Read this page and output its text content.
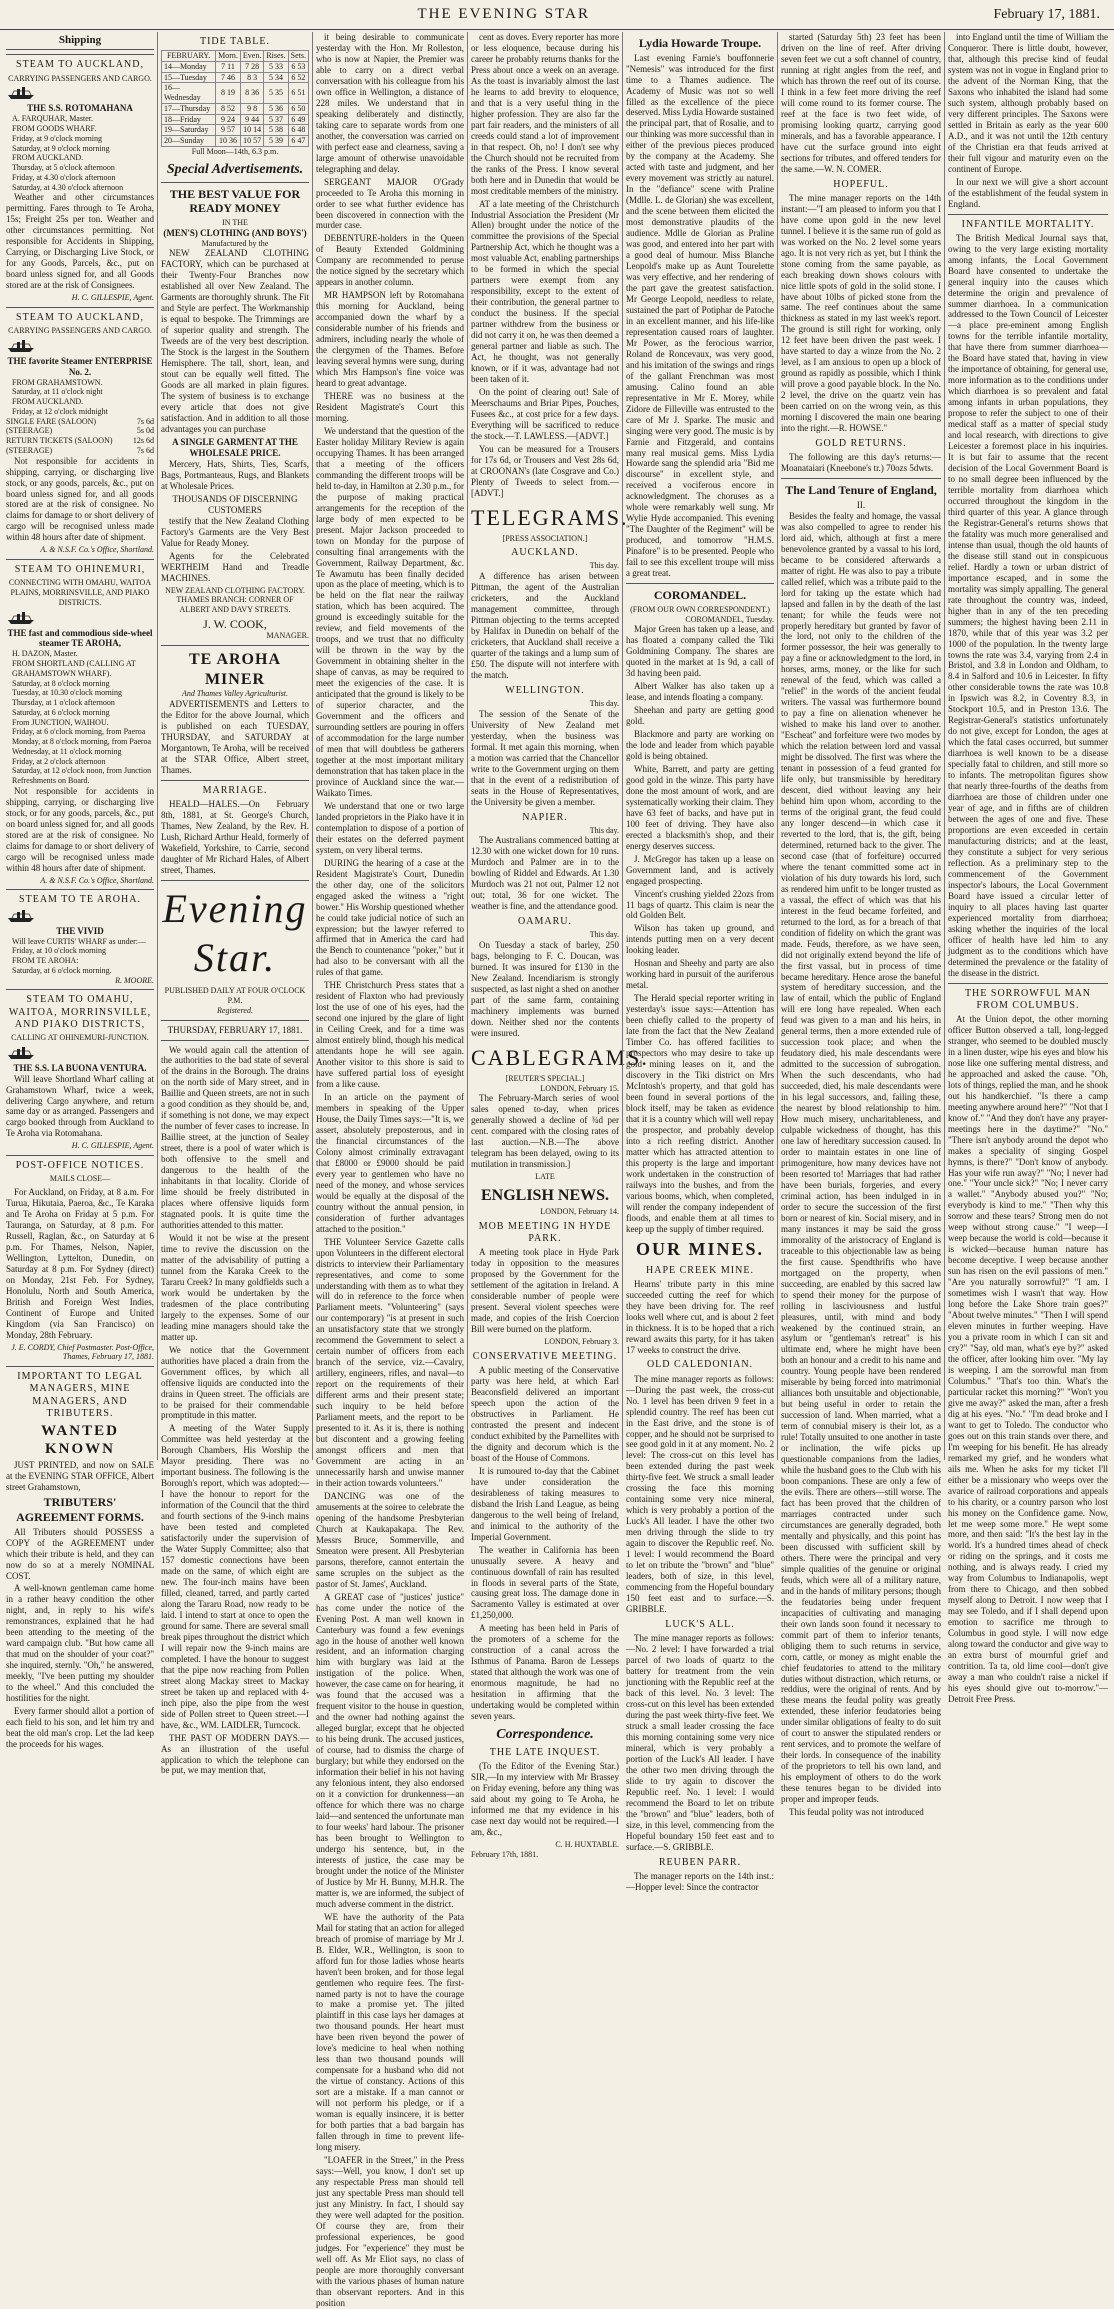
THE EVENING STAR	February 17, 1881.
Shipping
STEAM TO AUCKLAND,
CARRYING PASSENGERS AND CARGO.
THE S.S. ROTOMAHANA
A. FARQUHAR, Master.
FROM GOODS WHARF.
Friday, at 9 o'clock morning
Saturday, at 9 o'clock morning
FROM AUCKLAND.
Thursday, at 5 o'clock afternoon
Friday, at 4.30 o'clock afternoon
Saturday, at 4.30 o'clock afternoon

Weather and other circumstances permitting. Fares through to Te Aroha, 15s; Freight 25s per ton. Weather and other circumstances permitting. Not responsible for Accidents in Shipping, Carrying, or Discharging Live Stock, or for any Goods, Parcels, &c., put on board unless signed for, and all Goods stored are at the risk of Consignees.

H. C. GILLESPIE, Agent.
STEAM TO AUCKLAND,
CARRYING PASSENGERS AND CARGO.
THE favorite Steamer ENTERPRISE No. 2.
FROM GRAHAMSTOWN.
Saturday, at 11 o'clock night
FROM AUCKLAND.
Friday, at 12 o'clock midnight
SINGLE FARE (SALOON)	7s 6d
(STEERAGE)	5s 0d
RETURN TICKETS (SALOON)	12s 6d
(STEERAGE)	7s 6d

Not responsible for accidents in shipping, carrying, or discharging live stock, or any goods, parcels, &c., put on board unless signed for, and all goods stored are at the risk of consignee. No claims for damage to or short delivery of cargo will be recognised unless made within 48 hours after date of shipment.

A. & N.S.F. Co.'s Office, Shortland.
STEAM TO OHINEMURI,
CONNECTING WITH OMAHU, WAITOA PLAINS, MORRINSVILLE, AND PIAKO DISTRICTS.
THE fast and commodious side-wheel steamer TE AROHA,
H. DAZON, Master.
FROM SHORTLAND (CALLING AT GRAHAMSTOWN WHARF).
Saturday, at 8 o'clock morning
Tuesday, at 10.30 o'clock morning
Thursday, at 1 o'clock afternoon
Saturday, at 6 o'clock morning
From JUNCTION, WAIHOU.
Friday, at 6 o'clock morning, from Paeroa
Monday, at 8 o'clock morning, from Paeroa
Wednesday, at 11 o'clock morning
Friday, at 2 o'clock afternoon
Saturday, at 12 o'clock noon, from Junction
Refreshments on Board.

Not responsible for accidents in shipping, carrying, or discharging live stock, or for any goods, parcels, &c., put on board unless signed for, and all goods stored are at the risk of consignee. No claims for damage to or short delivery of cargo will be recognised unless made within 48 hours after date of shipment.

A. & N.S.F. Co.'s Office, Shortland.
STEAM TO TE AROHA.
THE VIVID
Will leave CURTIS' WHARF as under:—
Friday, at 10 o'clock morning
FROM TE AROHA:
Saturday, at 6 o'clock morning.
R. MOORE.
STEAM TO OMAHU, WAITOA, MORRINSVILLE, AND PIAKO DISTRICTS,
CALLING AT OHINEMURI-JUNCTION.
THE S.S. LA BUONA VENTURA.

Will leave Shortland Wharf calling at Grahamstown Wharf, twice a week, delivering Cargo anywhere, and return same day or as arranged. Passengers and cargo booked through from Auckland to Te Aroha via Rotomahana.

H. C. GILLESPIE, Agent.
POST-OFFICE NOTICES.
MAILS CLOSE—

For Auckland, on Friday, at 8 a.m. For Turua, Hikutaia, Paeroa, &c., Te Karaka and Te Aroha on Friday at 5 p.m. For Tauranga, on Saturday, at 8 p.m. For Russell, Raglan, &c., on Saturday at 6 p.m. For Thames, Nelson, Napier, Wellington, Lyttelton, Dunedin, on Saturday at 8 p.m. For Sydney (direct) on Monday, 21st Feb. For Sydney, Honolulu, North and South America, British and Foreign West Indies, Continent of Europe and United Kingdom (via San Francisco) on Monday, 28th February.

J. E. CORDY, Chief Postmaster. Post-Office, Thames, February 17, 1881.
IMPORTANT TO LEGAL MANAGERS, MINE MANAGERS, AND TRIBUTERS.
WANTED KNOWN

JUST PRINTED, and now on SALE at the EVENING STAR OFFICE, Albert street Grahamstown,

TRIBUTERS' AGREEMENT FORMS.

All Tributers should POSSESS a COPY of the AGREEMENT under which their tribute is held, and they can now do so at a merely NOMINAL COST.

A well-known gentleman came home in a rather heavy condition the other night, and, in reply to his wife's remonstrances, explained that he had been attending to the meeting of the ward campaign club. "But how came all that mud on the shoulder of your coat?" she inquired, sternly. "Oh," he answered, meekly, "I've been putting my shoulder to the wheel." And this concluded the hostilities for the night.

Every farmer should allot a portion of each field to his son, and let him try and beat the old man's crop. Let the lad keep the proceeds for his wages.

TIDE TABLE.
FEBRUARY.	Morn.	Even.	Rises.	Sets.
14—Monday	7 11	7 28	5 33	6 53
15—Tuesday	7 46	8 3	5 34	6 52
16—Wednesday	8 19	8 36	5 35	6 51
17—Thursday	8 52	9 8	5 36	6 50
18—Friday	9 24	9 44	5 37	6 49
19—Saturday	9 57	10 14	5 38	6 48
20—Sunday	10 36	10 57	5 39	6 47
Full Moon—14th, 6.3 p.m.
Special Advertisements.
THE BEST VALUE FOR READY MONEY
IN THE
(MEN'S) CLOTHING (AND BOYS')
Manufactured by the

NEW ZEALAND CLOTHING FACTORY, which can be purchased at their Twenty-Four Branches now established all over New Zealand. The Garments are thoroughly shrunk. The Fit and Style are perfect. The Workmanship is equal to bespoke. The Trimmings are of superior quality and strength. The Tweeds are of the very best description. The Stock is the largest in the Southern Hemisphere. The tall, short, lean, and stout can be equally well fitted. The Goods are all marked in plain figures. The system of business is to exchange every article that does not give satisfaction. And in addition to all those advantages you can purchase

A SINGLE GARMENT AT THE WHOLESALE PRICE.

Mercery, Hats, Shirts, Ties, Scarfs, Bags, Portmanteaus, Rugs, and Blankets at Wholesale Prices.

THOUSANDS OF DISCERNING CUSTOMERS

testify that the New Zealand Clothing Factory's Garments are the Very Best Value for Ready Money.

Agents for the Celebrated WERTHEIM Hand and Treadle MACHINES.

NEW ZEALAND CLOTHING FACTORY.
THAMES BRANCH: CORNER OF ALBERT AND DAVY STREETS.
J. W. COOK,
MANAGER.
TE AROHA MINER
And Thames Valley Agriculturist.

ADVERTISEMENTS and Letters to the Editor for the above Journal, which is published on each TUESDAY, THURSDAY, and SATURDAY at Morgantown, Te Aroha, will be received at the STAR Office, Albert street, Thames.

MARRIAGE.

HEALD—HALES.—On February 8th, 1881, at St. George's Church, Thames, New Zealand, by the Rev. H. Lush, Richard Arthur Heald, formerly of Wakefield, Yorkshire, to Carrie, second daughter of Mr Richard Hales, of Albert street, Thames.

Evening Star.
PUBLISHED DAILY AT FOUR O'CLOCK P.M.
Registered.
THURSDAY, FEBRUARY 17, 1881.

We would again call the attention of the authorities to the bad state of several of the drains in the Borough. The drains on the north side of Mary street, and in Baillie and Queen streets, are not in such a good condition as they should be, and, if something is not done, we may expect the number of fever cases to increase. In Baillie street, at the junction of Sealey street, there is a pool of water which is both offensive to the smell and dangerous to the health of the inhabitants in that locality. Cloride of lime should be freely distributed in places where offensive liquids form stagnated pools. It is quite time the authorities attended to this matter.

Would it not be wise at the present time to revive the discussion on the matter of the advisability of putting a tunnel from the Karaka Creek to the Tararu Creek? In many goldfields such a work would be undertaken by the tradesmen of the place contributing largely to the expenses. Some of our leading mine managers should take the matter up.

We notice that the Government authorities have placed a drain from the Government offices, by which all offensive liquids are conducted into the drains in Queen street. The officials are to be praised for their commendable promptitude in this matter.

A meeting of the Water Supply Committee was held yesterday at the Borough Chambers, His Worship the Mayor presiding. There was no important business. The following is the Borough's report, which was adopted:— I have the honour to report for the information of the Council that the third and fourth sections of the 9-inch mains have been tested and completed satisfactorily under the supervision of the Water Supply Committee; also that 157 domestic connections have been made on the same, of which eight are new. The four-inch mains have been filled, cleaned, tarred, and partly carted along the Tararu Road, now ready to be laid. I intend to start at once to open the ground for same. There are several small break pipes throughout the district which I will repair now the 9-inch mains are completed. I have the honour to suggest that the pipe now reaching from Pollen street along Mackay street to Mackay street be taken up and replaced with 4-inch pipe, also the pipe from the west side of Pollen street to Queen street.—I have, &c., WM. LAIDLER, Turncock.

THE PAST OF MODERN DAYS.—As an illustration of the useful application to which the telephone can be put, we may mention that,

it being desirable to communicate yesterday with the Hon. Mr Rolleston, who is now at Napier, the Premier was able to carry on a direct verbal conversation with his colleague from his own office in Wellington, a distance of 228 miles. We understand that in speaking deliberately and distinctly, taking care to separate words from one another, the conversation was carried on with perfect ease and clearness, saving a large amount of otherwise unavoidable telegraphing and delay.

SERGEANT MAJOR O'Grady proceeded to Te Aroha this morning in order to see what further evidence has been discovered in connection with the murder case.

DEBENTURE-holders in the Queen of Beauty Extended Goldmining Company are recommended to peruse the notice signed by the secretary which appears in another column.

MR HAMPSON left by Rotomahana this morning for Auckland, being accompanied down the wharf by a considerable number of his friends and admirers, including nearly the whole of the clergymen of the Thames. Before leaving several hymns were sung, during which Mrs Hampson's fine voice was heard to great advantage.

THERE was no business at the Resident Magistrate's Court this morning.

We understand that the question of the Easter holiday Military Review is again occupying Thames. It has been arranged that a meeting of the officers commanding the different troops will be held to-day, in Hamilton at 2.30 p.m., for the purpose of making practical arrangements for the reception of the large body of men expected to be present. Major Jackson proceeded to town on Monday for the purpose of consulting final arrangements with the Government, Railway Department, &c. Te Awamutu has been finally decided upon as the place of meeting, which is to be held on the flat near the railway station, which has been acquired. The ground is exceedingly suitable for the review, and field movements of the troops, and we trust that no difficulty will be thrown in the way by the Government in obtaining shelter in the shape of canvas, as may be required to meet the exigencies of the case. It is anticipated that the ground is likely to be of superior character, and the Government and the officers and surrounding settlers are pouring in offers of accommodation for the large number of men that will doubtless be gatherers together at the most important military demonstration that has taken place in the province of Auckland since the war.—Waikato Times.

We understand that one or two large landed proprietors in the Piako have it in contemplation to dispose of a portion of their estates on the deferred payment system, on very liberal terms.

DURING the hearing of a case at the Resident Magistrate's Court, Dunedin the other day, one of the solicitors engaged asked the witness a "right bower." His Worship questioned whether he could take judicial notice of such an expression; but the lawyer referred to affirmed that in America the card had the Bench to countenance "poker," but it had also to be conversant with all the rules of that game.

THE Christchurch Press states that a resident of Flaxton who had previously lost the use of one of his eyes, had the second one injured by the glare of light in Ceiling Creek, and for a time was almost entirely blind, though his medical attendants hope he will see again. Another visitor to this shore is said to have suffered partial loss of eyesight from a like cause.

In an article on the payment of members in speaking of the Upper House, the Daily Times says:—"It is, we assert, absolutely preposterous, and in the financial circumstances of the Colony almost criminally extravagant that £8000 or £9000 should be paid every year to gentlemen who have no need of the money, and whose services would be equally at the disposal of the country without the annual pension, in consideration of further advantages attached to the position."

THE Volunteer Service Gazette calls upon Volunteers in the different electoral districts to interview their Parliamentary representatives, and come to some understanding with them as to what they will do in reference to the force when Parliament meets. "Volunteering" (says our contemporary) "is at present in such an unsatisfactory state that we strongly recommend the Government to select a certain number of officers from each branch of the service, viz.—Cavalry, artillery, engineers, rifles, and naval—to report on the requirements of their different arms and their present state; such inquiry to be held before Parliament meets, and the report to be presented to it. As it is, there is nothing but discontent and a growing feeling amongst officers and men that Government are acting in an unnecessarily harsh and unwise manner in their action towards volunteers."

DANCING was one of the amusements at the soiree to celebrate the opening of the handsome Presbyterian Church at Kaukapakapa. The Rev. Messrs Bruce, Sommerville, and Smeaton were present. All Presbyterian parsons, therefore, cannot entertain the same scruples on the subject as the pastor of St. James', Auckland.

A GREAT case of "justices' justice" has come under the notice of the Evening Post. A man well known in Canterbury was found a few evenings ago in the house of another well known resident, and an information charging him with burglary was laid at the instigation of the police. When, however, the case came on for hearing, it was found that the accused was a frequent visitor to the house in question, and the owner had nothing against the alleged burglar, except that he objected to his being drunk. The accused justices, of course, had to dismiss the charge of burglary; but while they endorsed on the information their belief in his not having any felonious intent, they also endorsed on it a conviction for drunkenness—an offence for which there was no charge laid—and sentenced the unfortunate man to four weeks' hard labour. The prisoner has been brought to Wellington to undergo his sentence, but, in the interests of justice, the case may be brought under the notice of the Minister of Justice by Mr H. Bunny, M.H.R. The matter is, we are informed, the subject of much adverse comment in the district.

WE have the authority of the Pata Mail for stating that an action for alleged breach of promise of marriage by Mr J. B. Elder, W.R., Wellington, is soon to afford fun for those ladies whose hearts haven't been broken, and for those legal gentlemen who require fees. The first-named party is not to have the courage to make a promise yet. The jilted plaintiff in this case lays her damages at two thousand pounds. Her heart must have been riven beyond the power of love's medicine to heal when nothing less than two thousand pounds will compensate for a husband who did not the virtue of constancy. Actions of this sort are a mistake. If a man cannot or will not perform his pledge, or if a woman is equally insincere, it is better for both parties that a bad bargain has fallen through in time to prevent life-long misery.

"LOAFER in the Street," in the Press says:—Well, you know, I don't set up any respectable Press man should tell just any spectable Press man should tell just any Ministry. In fact, I should say they were well adapted for the position. Of course they are, from their professional experiences, be good judges. For "experience" they must be well off. As Mr Eliot says, no class of people are more thoroughly conversant with the various phases of human nature than observant reporters. And in this position

cent as doves. Every reporter has more or less eloquence, because during his career he probably returns thanks for the Press about once a week on an average. As the toast is invariably almost the last he learns to add brevity to eloquence, and that is a very useful thing in the higher profession. They are also far the part fair readers, and the ministers of all creeds could stand a lot of improvement in that respect. Oh, no! I don't see why the Church should not be recruited from the ranks of the Press. I know several both here and in Dunedin that would be most creditable members of the ministry.

AT a late meeting of the Christchurch Industrial Association the President (Mr Allen) brought under the notice of the committee the provisions of the Special Partnership Act, which he thought was a most valuable Act, enabling partnerships to be formed in which the special partners were exempt from any responsibility, except to the extent of their contribution, the general partner to conduct the business. If the special partner withdrew from the business or did not carry it on, he was then deemed a general partner and liable as such. The Act, he thought, was not generally known, or if it was, advantage had not been taken of it.

On the point of clearing out! Sale of Meerschaums and Briar Pipes, Pouches, Fusees &c., at cost price for a few days. Everything will be sacrificed to reduce the stock.—T. LAWLESS.—[ADVT.]

You can be measured for a Trousers for 17s 6d, or Trousers and Vest 28s 6d, at CROONAN's (late Cosgrave and Co.) Plenty of Tweeds to select from.—[ADVT.]

TELEGRAMS.
[PRESS ASSOCIATION.]
AUCKLAND.
This day.

A difference has arisen between Pittman, the agent of the Australian cricketers, and the Auckland management committee, through Pittman objecting to the terms accepted by Halifax in Dunedin on behalf of the cricketers, that Auckland shall receive a quarter of the takings and a lump sum of £50. The dispute will not interfere with the match.

WELLINGTON.
This day.

The session of the Senate of the University of New Zealand met yesterday, when the business was formal. It met again this morning, when a motion was carried that the Chancellor write to the Government urging on them that in the event of a redistribution of seats in the House of Representatives, the University be given a member.

NAPIER.
This day.

The Australians commenced batting at 12.30 with one wicket down for 10 runs. Murdoch and Palmer are in to the bowling of Riddel and Edwards. At 1.30 Murdoch was 21 not out, Palmer 12 not out; total, 36 for one wicket. The weather is fine, and the attendance good.

OAMARU.
This day.

On Tuesday a stack of barley, 250 bags, belonging to F. C. Doucan, was burned. It was insured for £130 in the New Zealand. Incendiarism is strongly suspected, as last night a shed on another part of the same farm, containing machinery implements was burned down. Neither shed nor the contents were insured.

CABLEGRAMS.
[REUTER'S SPECIAL.]
LONDON, February 15.

The February-March series of wool sales opened to-day, when prices generally showed a decline of ¾d per cent. compared with the closing rates of last auction.—N.B.—The above telegram has been delayed, owing to its mutilation in transmission.]

LATE
ENGLISH NEWS.
LONDON, February 14.
MOB MEETING IN HYDE PARK.

A meeting took place in Hyde Park today in opposition to the measures proposed by the Government for the settlement of the agitation in Ireland. A considerable number of people were present. Several violent speeches were made, and copies of the Irish Coercion Bill were burned on the platform.

LONDON, February 3.
CONSERVATIVE MEETING.

A public meeting of the Conservative party was here held, at which Earl Beaconsfield delivered an important speech upon the action of the obstructives in Parliament. He contrasted the present and indecent conduct exhibited by the Parnellites with the dignity and decorum which is the boast of the House of Commons.

It is rumoured to-day that the Cabinet have under consideration the desirableness of taking measures to disband the Irish Land League, as being dangerous to the well being of Ireland, and inimical to the authority of the Imperial Government.

The weather in California has been unusually severe. A heavy and continuous downfall of rain has resulted in floods in several parts of the State, causing great loss. The damage done in Sacramento Valley is estimated at over £1,250,000.

A meeting has been held in Paris of the promoters of a scheme for the construction of a canal across the Isthmus of Panama. Baron de Lesseps stated that although the work was one of enormous magnitude, he had no hesitation in affirming that the undertaking would be completed within seven years.

Correspondence.
THE LATE INQUEST.

(To the Editor of the Evening Star.) SIR,—In my interview with Mr Brassey on Friday evening, before any thing was said about my going to Te Aroha, he informed me that my evidence in his case next day would not be required.—I am, &c.,

C. H. HUXTABLE.
February 17th, 1881.
Lydia Howarde Troupe.

Last evening Farnie's bouffonnerie "Nemesis" was introduced for the first time to a Thames audience. The Academy of Music was not so well filled as the excellence of the piece deserved. Miss Lydia Howarde sustained the principal part, that of Rosalie, and to our thinking was more successful than in either of the previous pieces produced by the company at the Academy. She acted with taste and judgment, and her every movement was strictly au naturel. In the "defiance" scene with Praline (Mdlle. L. de Glorian) she was excellent, and the scene between them elicited the most demonstrative plaudits of the audience. Mdlle de Glorian as Praline was good, and entered into her part with a good deal of humour. Miss Blanche Leopold's make up as Aunt Tourelette was very effective, and her rendering of the part gave the greatest satisfaction. Mr George Leopold, needless to relate, sustained the part of Potiphar de Patoche in an excellent manner, and his life-like representation caused roars of laughter. Mr Power, as the ferocious warrior, Roland de Roncevaux, was very good, and his imitation of the swings and rings of the gallant Frenchman was most amusing. Calino found an able representative in Mr E. Morey, while Zidore de Filleville was entrusted to the care of Mr J. Sparke. The music and singing were very good. The music is by Farnie and Fitzgerald, and contains many real musical gems. Miss Lydia Howarde sang the splendid aria "Bid me discourse" in excellent style, and received a vociferous encore in acknowledgment. The choruses as a whole were remarkably well sung. Mr Wylie Hyde accompanied. This evening "The Daughter of the Regiment" will be produced, and tomorrow "H.M.S. Pinafore" is to be presented. People who fail to see this excellent troupe will miss a great treat.

COROMANDEL.
(FROM OUR OWN CORRESPONDENT.)
COROMANDEL, Tuesday.

Major Green has taken up a lease, and has floated a company called the Tiki Goldmining Company. The shares are quoted in the market at 1s 9d, a call of 3d having been paid.

Albert Walker has also taken up a lease, and intends floating a company.

Sheehan and party are getting good gold.

Blackmore and party are working on the lode and leader from which payable gold is being obtained.

White, Barrett, and party are getting good gold in the winze. This party have done the most amount of work, and are systematically working their claim. They have 63 feet of backs, and have put in 100 feet of driving. They have also erected a blacksmith's shop, and their energy deserves success.

J. McGregor has taken up a lease on Government land, and is actively engaged prospecting.

Vincent's crushing yielded 22ozs from 11 bags of quartz. This claim is near the old Golden Belt.

Wilson has taken up ground, and intends putting men on a very decent looking leader.

Hosnan and Sheehy and party are also working hard in pursuit of the auriferous metal.

The Herald special reporter writing in yesterday's issue says:—Attention has been chiefly called to the property of late from the fact that the New Zealand Timber Co. has offered facilities to prospectors who may desire to take up gold mining leases on it, and the discovery in the Tiki district on Mrs McIntosh's property, and that gold has been found in several portions of the block itself, may be taken as evidence that it is a country which will well repay the prospector, and probably develop into a rich reefing district. Another matter which has attracted attention to this property is the large and important work undertaken in the construction of railways into the bushes, and from the various booms, which, when completed, will render the company independent of floods, and enable them at all times to keep up the supply of timber required.

OUR MINES.
HAPE CREEK MINE.

Hearns' tribute party in this mine succeeded cutting the reef for which they have been driving for. The reef looks well where cut, and is about 2 feet in thickness. It is to be hoped that a rich reward awaits this party, for it has taken 17 weeks to construct the drive.

OLD CALEDONIAN.

The mine manager reports as follows:—During the past week, the cross-cut No. 1 level has been driven 9 feet in a splendid country. The reef has been cut in the East drive, and the stone is of copper, and he should not be surprised to see good gold in it at any moment. No. 2 level: The cross-cut on this level has been extended during the past week thirty-five feet. We struck a small leader crossing the face this morning containing some very nice mineral, which is very probably a portion of the Luck's All leader. I have the other two men driving through the slide to try again to discover the Republic reef. No. 1 level: I would recommend the Board to let on tribute the "brown" and "blue" leaders, both of size, in this level, commencing from the Hopeful boundary 150 feet east and to surface.—S. GRIBBLE.

LUCK'S ALL.

The mine manager reports as follows:—No. 2 level: I have forwarded a trial parcel of two loads of quartz to the battery for treatment from the vein junctioning with the Republic reef at the back of this level. No. 3 level: The cross-cut on this level has been extended during the past week thirty-five feet. We struck a small leader crossing the face this morning containing some very nice mineral, which is very probably a portion of the Luck's All leader. I have the other two men driving through the slide to try again to discover the Republic reef. No. 1 level: I would recommend the Board to let on tribute the "brown" and "blue" leaders, both of size, in this level, commencing from the Hopeful boundary 150 feet east and to surface.—S. GRIBBLE.

REUBEN PARR.

The manager reports on the 14th inst.:—Hopper level: Since the contractor

started (Saturday 5th) 23 feet has been driven on the line of reef. After driving seven feet we cut a soft channel of country, running at right angles from the reef, and which has thrown the reef out of its course. I think in a few feet more driving the reef will come round to its former course. The reef at the face is two feet wide, of promising looking quartz, carrying good minerals, and has a favorable appearance. I have cut the surface ground into eight sections for tributes, and offered tenders for the same.—W. N. COMER.

HOPEFUL.

The mine manager reports on the 14th instant:—"I am pleased to inform you that I have come upon gold in the new level tunnel. I believe it is the same run of gold as was worked on the No. 2 level some years ago. It is not very rich as yet, but I think the stone coming from the same payable, as each breaking down shows colours with nice little spots of gold in the solid stone. I have about 10lbs of picked stone from the same. The reef continues about the same thickness as stated in my last week's report. The ground is still right for working, only 12 feet have been driven the past week. I have started to day a winze from the No. 2 level, as I am anxious to open up a block of ground as rapidly as possible, which I think will prove a good payable block. In the No. 2 level, the drive on the quartz vein has been carried on on the wrong vein, as this morning I discovered the main one bearing into the right.—R. HOWSE."

GOLD RETURNS.

The following are this day's returns:—Moanataiari (Kneebone's tr.) 70ozs 5dwts.

The Land Tenure of England,
II.

Besides the fealty and homage, the vassal was also compelled to agree to render his lord aid, which, although at first a mere benevolence granted by a vassal to his lord, became to be considered afterwards a matter of right. He was also to pay a tribute called relief, which was a tribute paid to the lord for taking up the estate which had lapsed and fallen in by the death of the last tenant; for while the feuds were not properly hereditary but granted by favor of the lord, not only to the children of the former possessor, the heir was generally to pay a fine or acknowledgment to the lord, in horses, arms, money, or the like for such renewal of the feud, which was called a "relief" in the words of the ancient feudal writers. The vassal was furthermore bound to pay a fine on alienation whenever he wished to make his land over to another. "Escheat" and forfeiture were two modes by which the relation between lord and vassal might be dissolved. The first was where the tenant in possession of a feud granted for life only, but transmissible by hereditary descent, died without leaving any heir behind him upon whom, according to the terms of the original grant, the feud could any longer descend—in which case it reverted to the lord, that is, the gift, being determined, returned back to the giver. The second case (that of forfeiture) occurred where the tenant committed some act in violation of his duty towards his lord, such as rendered him unfit to be longer trusted as a vassal, the effect of which was that his interest in the feud became forfeited, and returned to the lord, as for a breach of that condition of fidelity on which the grant was made. Feuds, therefore, as we have seen, did not originally extend beyond the life of the first vassal, but in process of time became hereditary. Hence arose the baneful system of hereditary succession, and the law of entail, which the public of England will ere long have repealed. When each feud was given to a man and his heirs, in general terms, then a more extended rule of succession took place; and when the feudatory died, his male descendants were admitted to the succession of subrogation. When the such descendants, who had succeeded, died, his male descendants were in his legal successors, and, failing these, the nearest by blood relationship to him. How much misery, uncharitableness, and culpable wickedness of thought, has this one law of hereditary succession caused. In order to maintain estates in one line of primogeniture, how many devices have not been resorted to! Marriages that had rather have been burials, forgeries, and every criminal action, has been indulged in in order to secure the succession of the first born or nearest of kin. Social misery, and in many instances it may be said the gross immorality of the aristocracy of England is traceable to this objectionable law as being the first cause. Spendthrifts who have mortgaged on the property, when succeeding, are enabled by this sacred law to spend their money for the purpose of rolling in lasciviousness and lustful pleasures, until, with mind and body weakened by the continued strain, an asylum or "gentleman's retreat" is his ultimate end, where he might have been both an honour and a credit to his name and country. Young people have been rendered miserable by being forced into matrimonial alliances both unsuitable and objectionable, but being useful in order to retain the succession of land. When married, what a term of connubial misery is their lot, as a rule! Totally unsuited to one another in taste or inclination, the wife picks up questionable companions from the ladies, while the husband goes to the Club with his boon companions. These are only a few of the evils. There are others—still worse. The fact has been proved that the children of marriages contracted under such circumstances are generally degraded, both mentally and physically, and this point has been discussed with sufficient skill by others. There were the principal and very simple qualities of the genuine or original feuds, which were all of a military nature, and in the hands of military persons; though the feudatories being under frequent incapacities of cultivating and managing their own lands soon found it necessary to commit part of them to inferior tenants, obliging them to such returns in service, corn, cattle, or money as might enable the chief feudatories to attend to the military duties without distraction, which returns, or reddius, were the original of rents. And by these means the feudal polity was greatly extended, these inferior feudatories being under similar obligations of fealty to do suit of court to answer the stipulated renders or rent services, and to promote the welfare of their lords. In consequence of the inability of the proprietors to tell his own land, and his employment of others to do the work these tenures began to be divided into proper and improper feuds.

This feudal polity was not introduced

into England until the time of William the Conqueror. There is little doubt, however, that, although this precise kind of feudal system was not in vogue in England prior to the advent of the Norman King, that the Saxons who inhabited the island had some such system, although probably based on very different principles. The Saxons were settled in Britain as early as the year 600 A.D., and it was not until the 12th century of the Christian era that feuds arrived at their full vigour and maturity even on the continent of Europe.

In our next we will give a short account of the establishment of the feudal system in England.

INFANTILE MORTALITY.

The British Medical Journal says that, owing to the very large existing mortality among infants, the Local Government Board have consented to undertake the general inquiry into the causes which determine the origin and prevalence of summer diarrhoea. In a communication addressed to the Town Council of Leicester—a place pre-eminent among English towns for the terrible infantile mortality, that have there from summer diarrhoea—the Board have stated that, having in view the importance of obtaining, for general use, more information as to the conditions under which diarrhoea is so prevalent and fatal among infants in urban populations, they propose to refer the subject to one of their medical staff as a matter of special study and local research, with directions to give Leicester a foremost place in his inquiries. It is but fair to assume that the recent decision of the Local Government Board is to no small degree been influenced by the terrible mortality from diarrhoea which occurred throughout the kingdom in the third quarter of this year. A glance through the Registrar-General's returns shows that the fatality was much more generalised and intense than usual, though the old haunts of the disease still stand out in conspicuous relief. Hardly a town or urban district of importance escaped, and in some the mortality was simply appalling. The general rate throughout the country was, indeed, higher than in any of the ten preceding summers; the highest having been 2.11 in 1870, while that of this year was 3.2 per 1000 of the population. In the twenty large towns the rate was 3.4, varying from 2.4 in Bristol, and 3.8 in London and Oldham, to 8.4 in Salford and 10.6 in Leicester. In fifty other considerable towns the rate was 10.8 in Ipswich was 8.2, in Coventry 8.3, in Stockport 10.5, and in Preston 13.6. The Registrar-General's statistics unfortunately do not give, except for London, the ages at which the fatal cases occurred, but summer diarrhoea is well known to be a disease specially fatal to children, and still more so to infants. The metropolitan figures show that nearly three-fourths of the deaths from diarrhoea are those of children under one year of age, and in fifths are of children between the ages of one and five. These proportions are even exceeded in certain manufacturing districts; and at the least, they constitute a subject for very serious reflection. As a preliminary step to the commencement of the Government inspector's labours, the Local Government Board have issued a circular letter of inquiry to all places having last quarter experienced mortality from diarrhoea; asking whether the inquiries of the local officer of health have led him to any judgment as to the conditions which have determined the prevalence or the fatality of the disease in the district.

THE SORROWFUL MAN FROM COLUMBUS.

At the Union depot, the other morning officer Button observed a tall, long-legged stranger, who seemed to be doubled muscly in a linen duster, wipe his eyes and blow his nose like one suffering mental distress, and he approached and asked the cause. "Oh, lots of things, replied the man, and he shook out his handkerchief. "Is there a camp meeting anywhere around here?" "Not that I know of." "And they don't have any prayer-meetings here in the daytime?" "No." "There isn't anybody around the depot who makes a speciality of singing Gospel hymns, is there?" "Don't know of anybody. Has your wife run away?" "No; I never had one." "Your uncle sick?" "No; I never carry a wallet." "Anybody abused you?" "No; everybody is kind to me." "Then why this sorrow and these tears? Strong men do not weep without strong cause." "I weep—I weep because the world is cold—because it is wicked—because human nature has become deceptive. I weep because another sun has risen on the evil passions of men." "Are you naturally sorrowful?" "I am. I sometimes wish I wasn't that way. How long before the Lake Shore train goes?" "About twelve minutes." "Then I will spend eleven minutes in further weeping. Have you a private room in which I can sit and cry?" "Say, old man, what's eye by?" asked the officer, after looking him over. "My lay is weeping. I am the sorrowful man from Columbus." "That's too thin. What's the particular racket this morning?" "Won't you give me away?" asked the man, after a fresh dig at his eyes. "No." "I'm dead broke and I want to get to Toledo. The conductor who goes out on this train stands over there, and I'm weeping for his benefit. He has already remarked my grief, and he wonders what ails me. When he asks for my ticket I'll either be a missionary who weeps over the avarice of railroad corporations and appeals to his charity, or a country parson who lost his money on the Confidence game. Now, let me weep some more." He wept some more, and then said: "It's the best lay in the world. It's a hundred times ahead of check or riding on the springs, and it costs me nothing, and is always ready. I cried my way from Columbus to Indianapolis, wept from there to Chicago, and then sobbed myself along to Detroit. I now weep that I may see Toledo, and if I shall depend upon emotion to sacrifice me through to Columbus in good style. I will now edge along toward the conductor and give way to an extra burst of mournful grief and contrition. Ta ta, old lime cool—don't give away a man who couldn't raise a nickel if his eyes should give out to-morrow."—Detroit Free Press.
